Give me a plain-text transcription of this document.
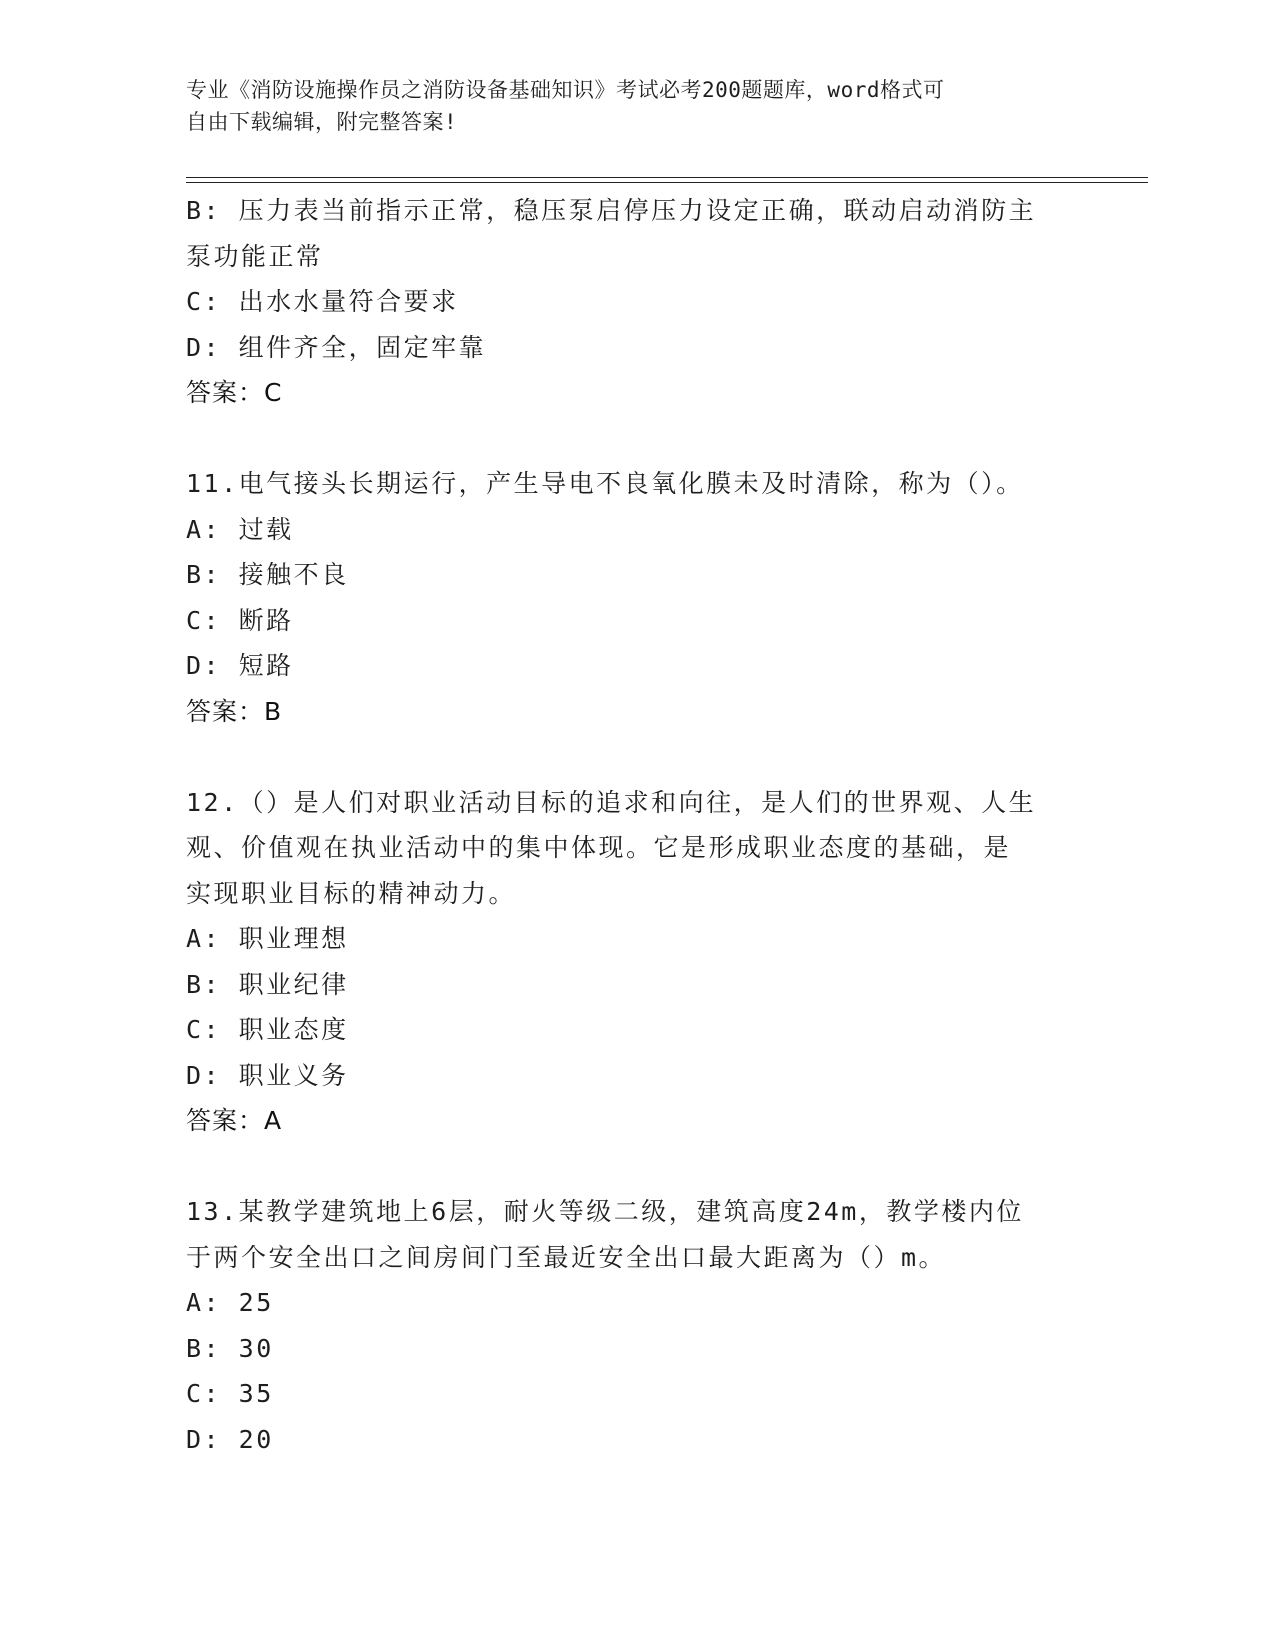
专业《消防设施操作员之消防设备基础知识》考试必考200题题库，word格式可
自由下载编辑，附完整答案!
B: 压力表当前指示正常，稳压泵启停压力设定正确，联动启动消防主
泵功能正常
C: 出水水量符合要求
D: 组件齐全，固定牢靠
答案：C
11.电气接头长期运行，产生导电不良氧化膜未及时清除，称为（）。
A: 过载
B: 接触不良
C: 断路
D: 短路
答案：B
12.（）是人们对职业活动目标的追求和向往，是人们的世界观、人生
观、价值观在执业活动中的集中体现。它是形成职业态度的基础，是
实现职业目标的精神动力。
A: 职业理想
B: 职业纪律
C: 职业态度
D: 职业义务
答案：A
13.某教学建筑地上6层，耐火等级二级，建筑高度24m，教学楼内位
于两个安全出口之间房间门至最近安全出口最大距离为（）m。
A: 25
B: 30
C: 35
D: 20
